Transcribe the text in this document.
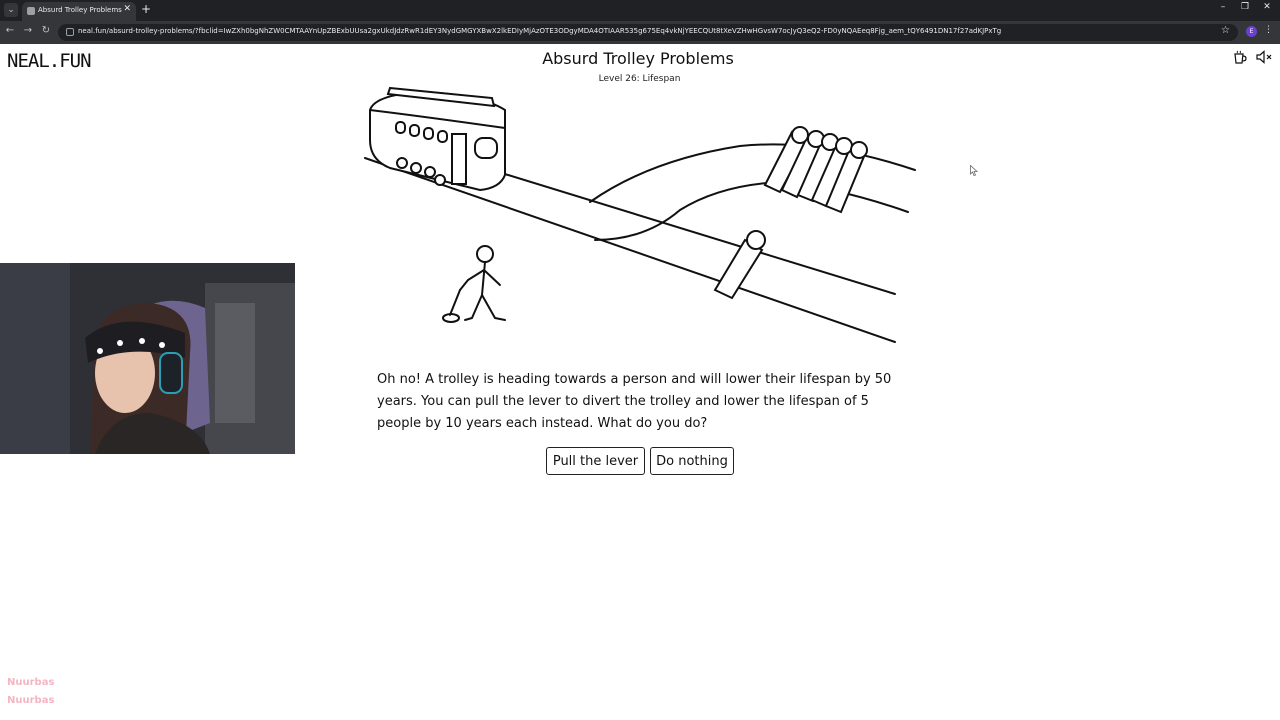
⌄	Absurd Trolley Problems ✕ +	–	❐	✕
← → ↻	neal.fun/absurd-trolley-problems/?fbclid=IwZXh0bgNhZW0CMTAAYnUpZBExbUUsa2gxUkdJdzRwR1dEY3NydGMGYXBwX2lkEDIyMjAzOTE3ODgyMDA4OTIAAR535g675Eq4vkNjYEECQUt8tXeVZHwHGvsW7ocJyQ3eQ2-FD0yNQAEeq8Fjg_aem_tQY6491DN17f27adKJPxTg	☆	E	⋮
NEAL.FUN	Absurd Trolley Problems
Level 26: Lifespan
Oh no! A trolley is heading towards a person and will lower their lifespan by 50 years. You can pull the lever to divert the trolley and lower the lifespan of 5 people by 10 years each instead. What do you do?
Pull the lever	Do nothing
Nuurbas
Nuurbas
